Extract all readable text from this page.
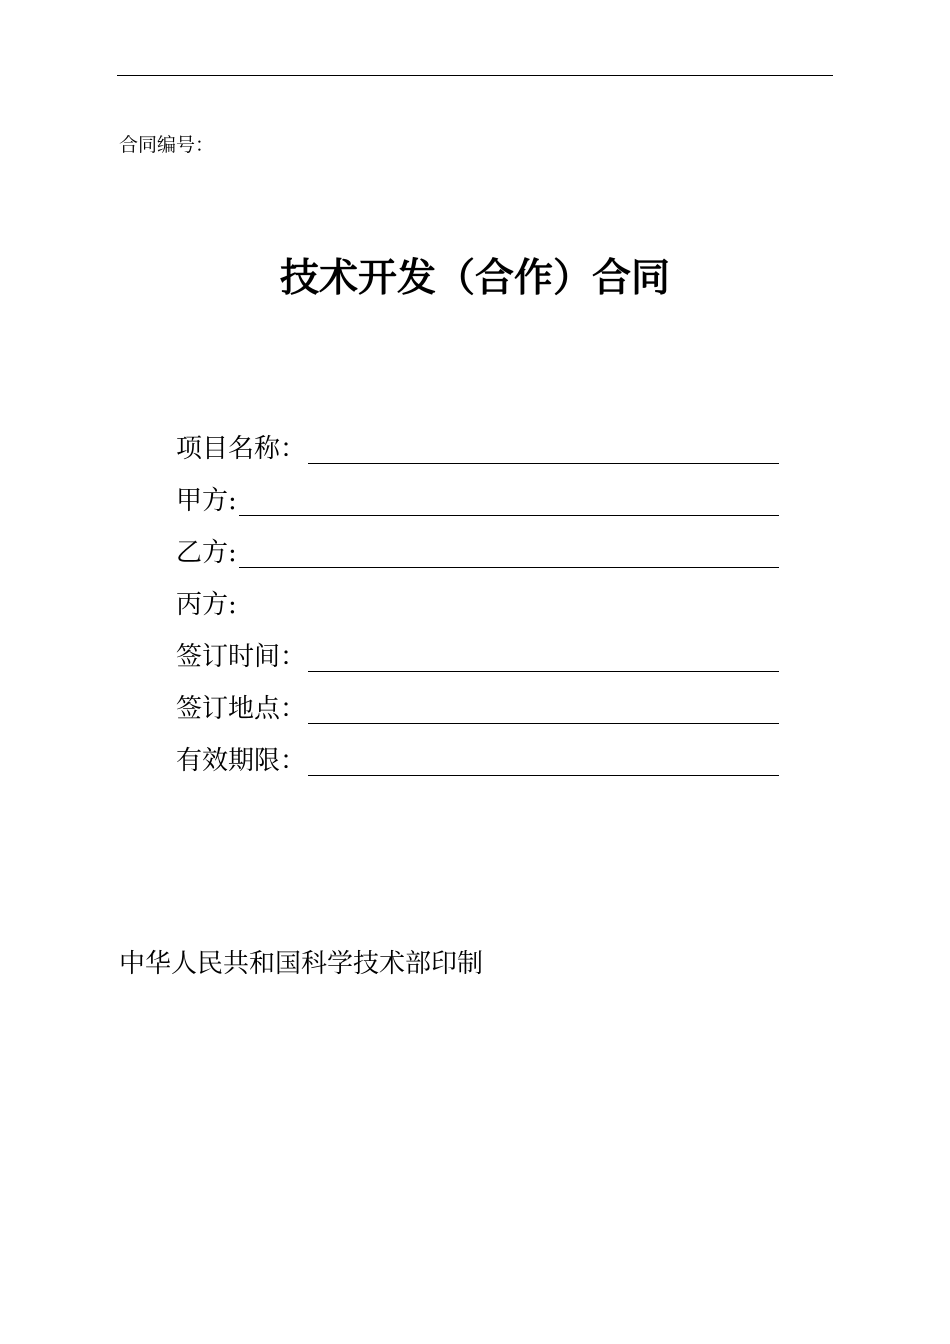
合同编号：
技术开发（合作）合同
项目名称：
甲方:
乙方:
丙方:
签订时间：
签订地点：
有效期限：
中华人民共和国科学技术部印制
